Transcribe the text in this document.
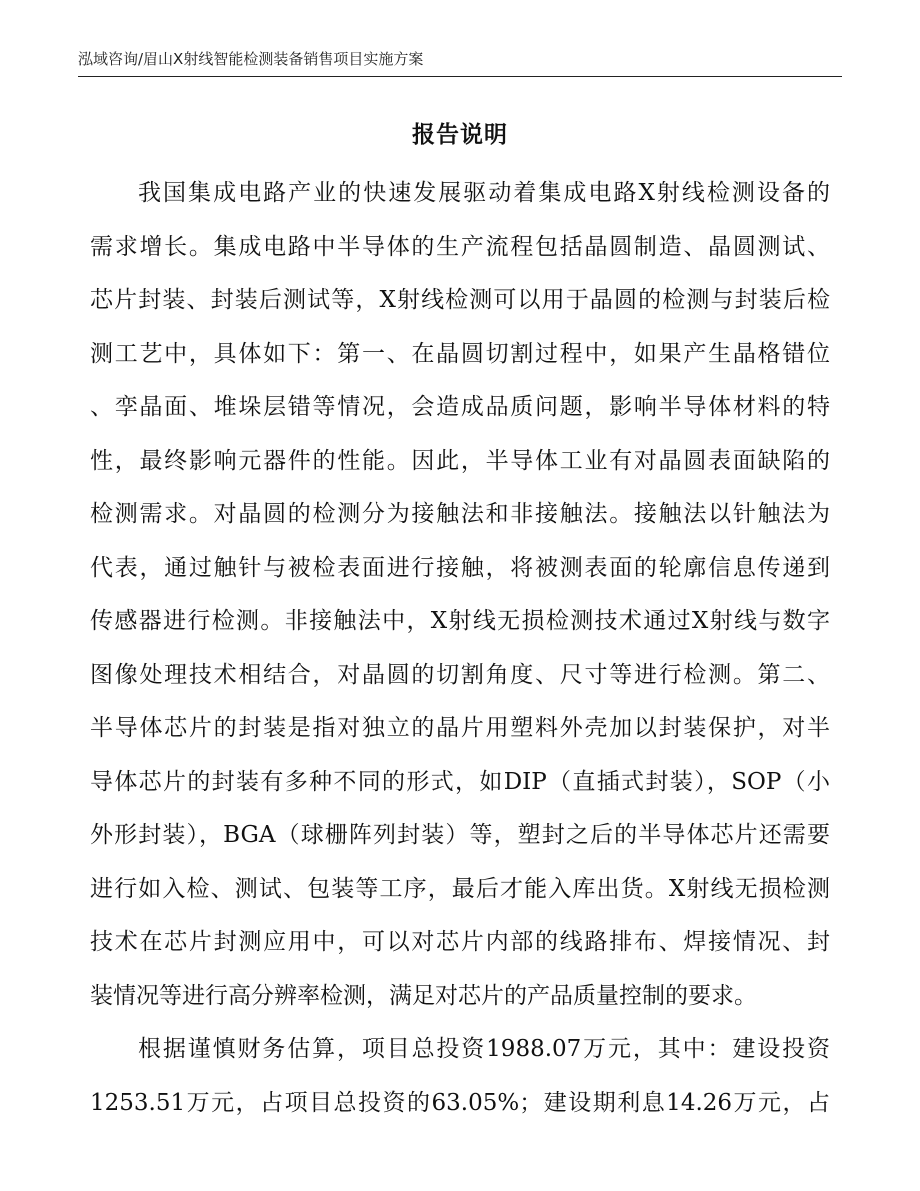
泓域咨询/眉山X射线智能检测装备销售项目实施方案
报告说明
我国集成电路产业的快速发展驱动着集成电路X射线检测设备的
需求增长。集成电路中半导体的生产流程包括晶圆制造、晶圆测试、
芯片封装、封装后测试等，X射线检测可以用于晶圆的检测与封装后检
测工艺中，具体如下：第一、在晶圆切割过程中，如果产生晶格错位
、孪晶面、堆垛层错等情况，会造成品质问题，影响半导体材料的特
性，最终影响元器件的性能。因此，半导体工业有对晶圆表面缺陷的
检测需求。对晶圆的检测分为接触法和非接触法。接触法以针触法为
代表，通过触针与被检表面进行接触，将被测表面的轮廓信息传递到
传感器进行检测。非接触法中，X射线无损检测技术通过X射线与数字
图像处理技术相结合，对晶圆的切割角度、尺寸等进行检测。第二、
半导体芯片的封装是指对独立的晶片用塑料外壳加以封装保护，对半
导体芯片的封装有多种不同的形式，如DIP（直插式封装），SOP（小
外形封装），BGA（球栅阵列封装）等，塑封之后的半导体芯片还需要
进行如入检、测试、包装等工序，最后才能入库出货。X射线无损检测
技术在芯片封测应用中，可以对芯片内部的线路排布、焊接情况、封
装情况等进行高分辨率检测，满足对芯片的产品质量控制的要求。
根据谨慎财务估算，项目总投资1988.07万元，其中：建设投资
1253.51万元，占项目总投资的63.05%；建设期利息14.26万元，占
